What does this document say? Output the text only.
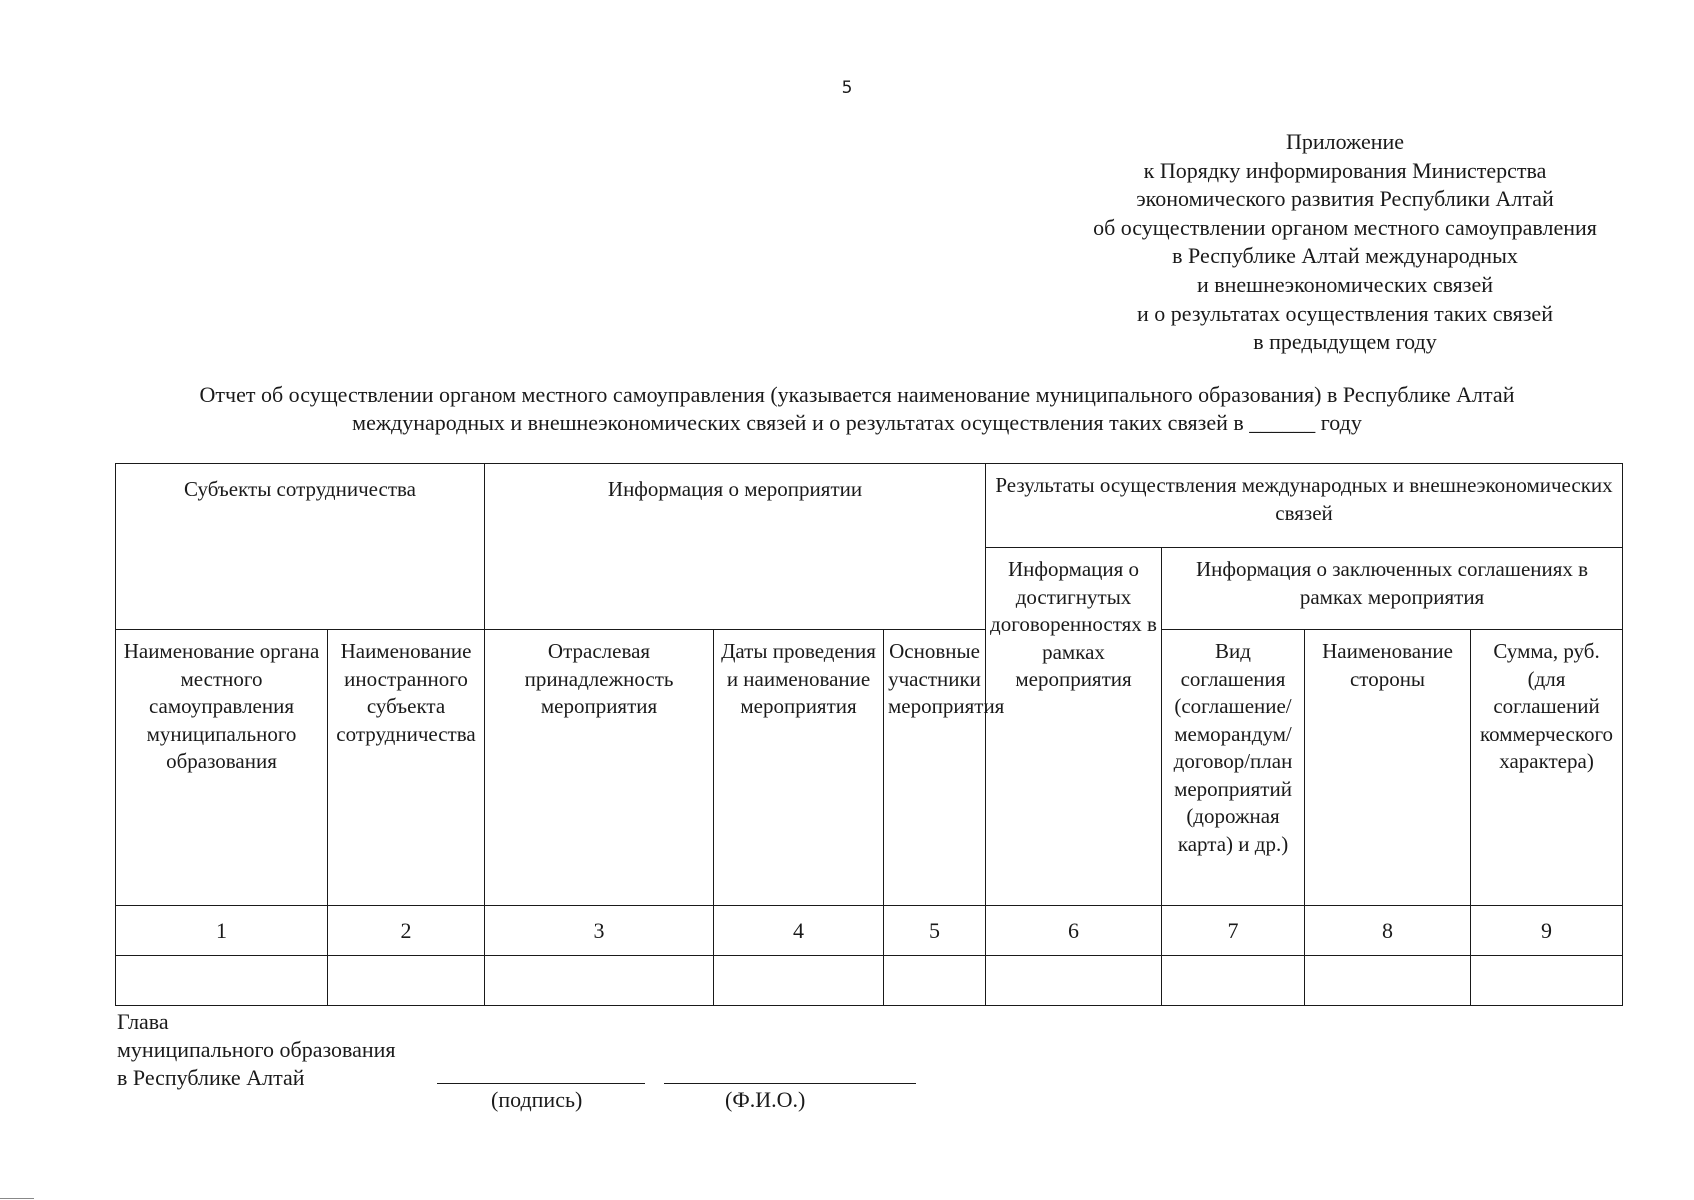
5
Приложение
к Порядку информирования Министерства
экономического развития Республики Алтай
об осуществлении органом местного самоуправления
в Республике Алтай международных
и внешнеэкономических связей
и о результатах осуществления таких связей
в предыдущем году
Отчет об осуществлении органом местного самоуправления (указывается наименование муниципального образования) в Республике Алтай
международных и внешнеэкономических связей и о результатах осуществления таких связей в ______ году
Субъекты сотрудничества		Информация о мероприятии			Результаты осуществления международных и внешнеэкономических связей			
					Информация о достигнутых договоренностях в рамках мероприятия	Информация о заключенных соглашениях в рамках мероприятия		
Наименование органа местного самоуправления муниципального образования	Наименование иностранного субъекта сотрудничества	Отраслевая принадлежность мероприятия	Даты проведения и наименование мероприятия	Основные участники мероприятия		Вид соглашения (соглашение/меморандум/договор/план мероприятий (дорожная карта) и др.)	Наименование стороны	Сумма, руб. (для соглашений коммерческого характера)
1	2	3	4	5	6	7	8	9

Глава
муниципального образования
в Республике Алтай
(подпись)	(Ф.И.О.)
